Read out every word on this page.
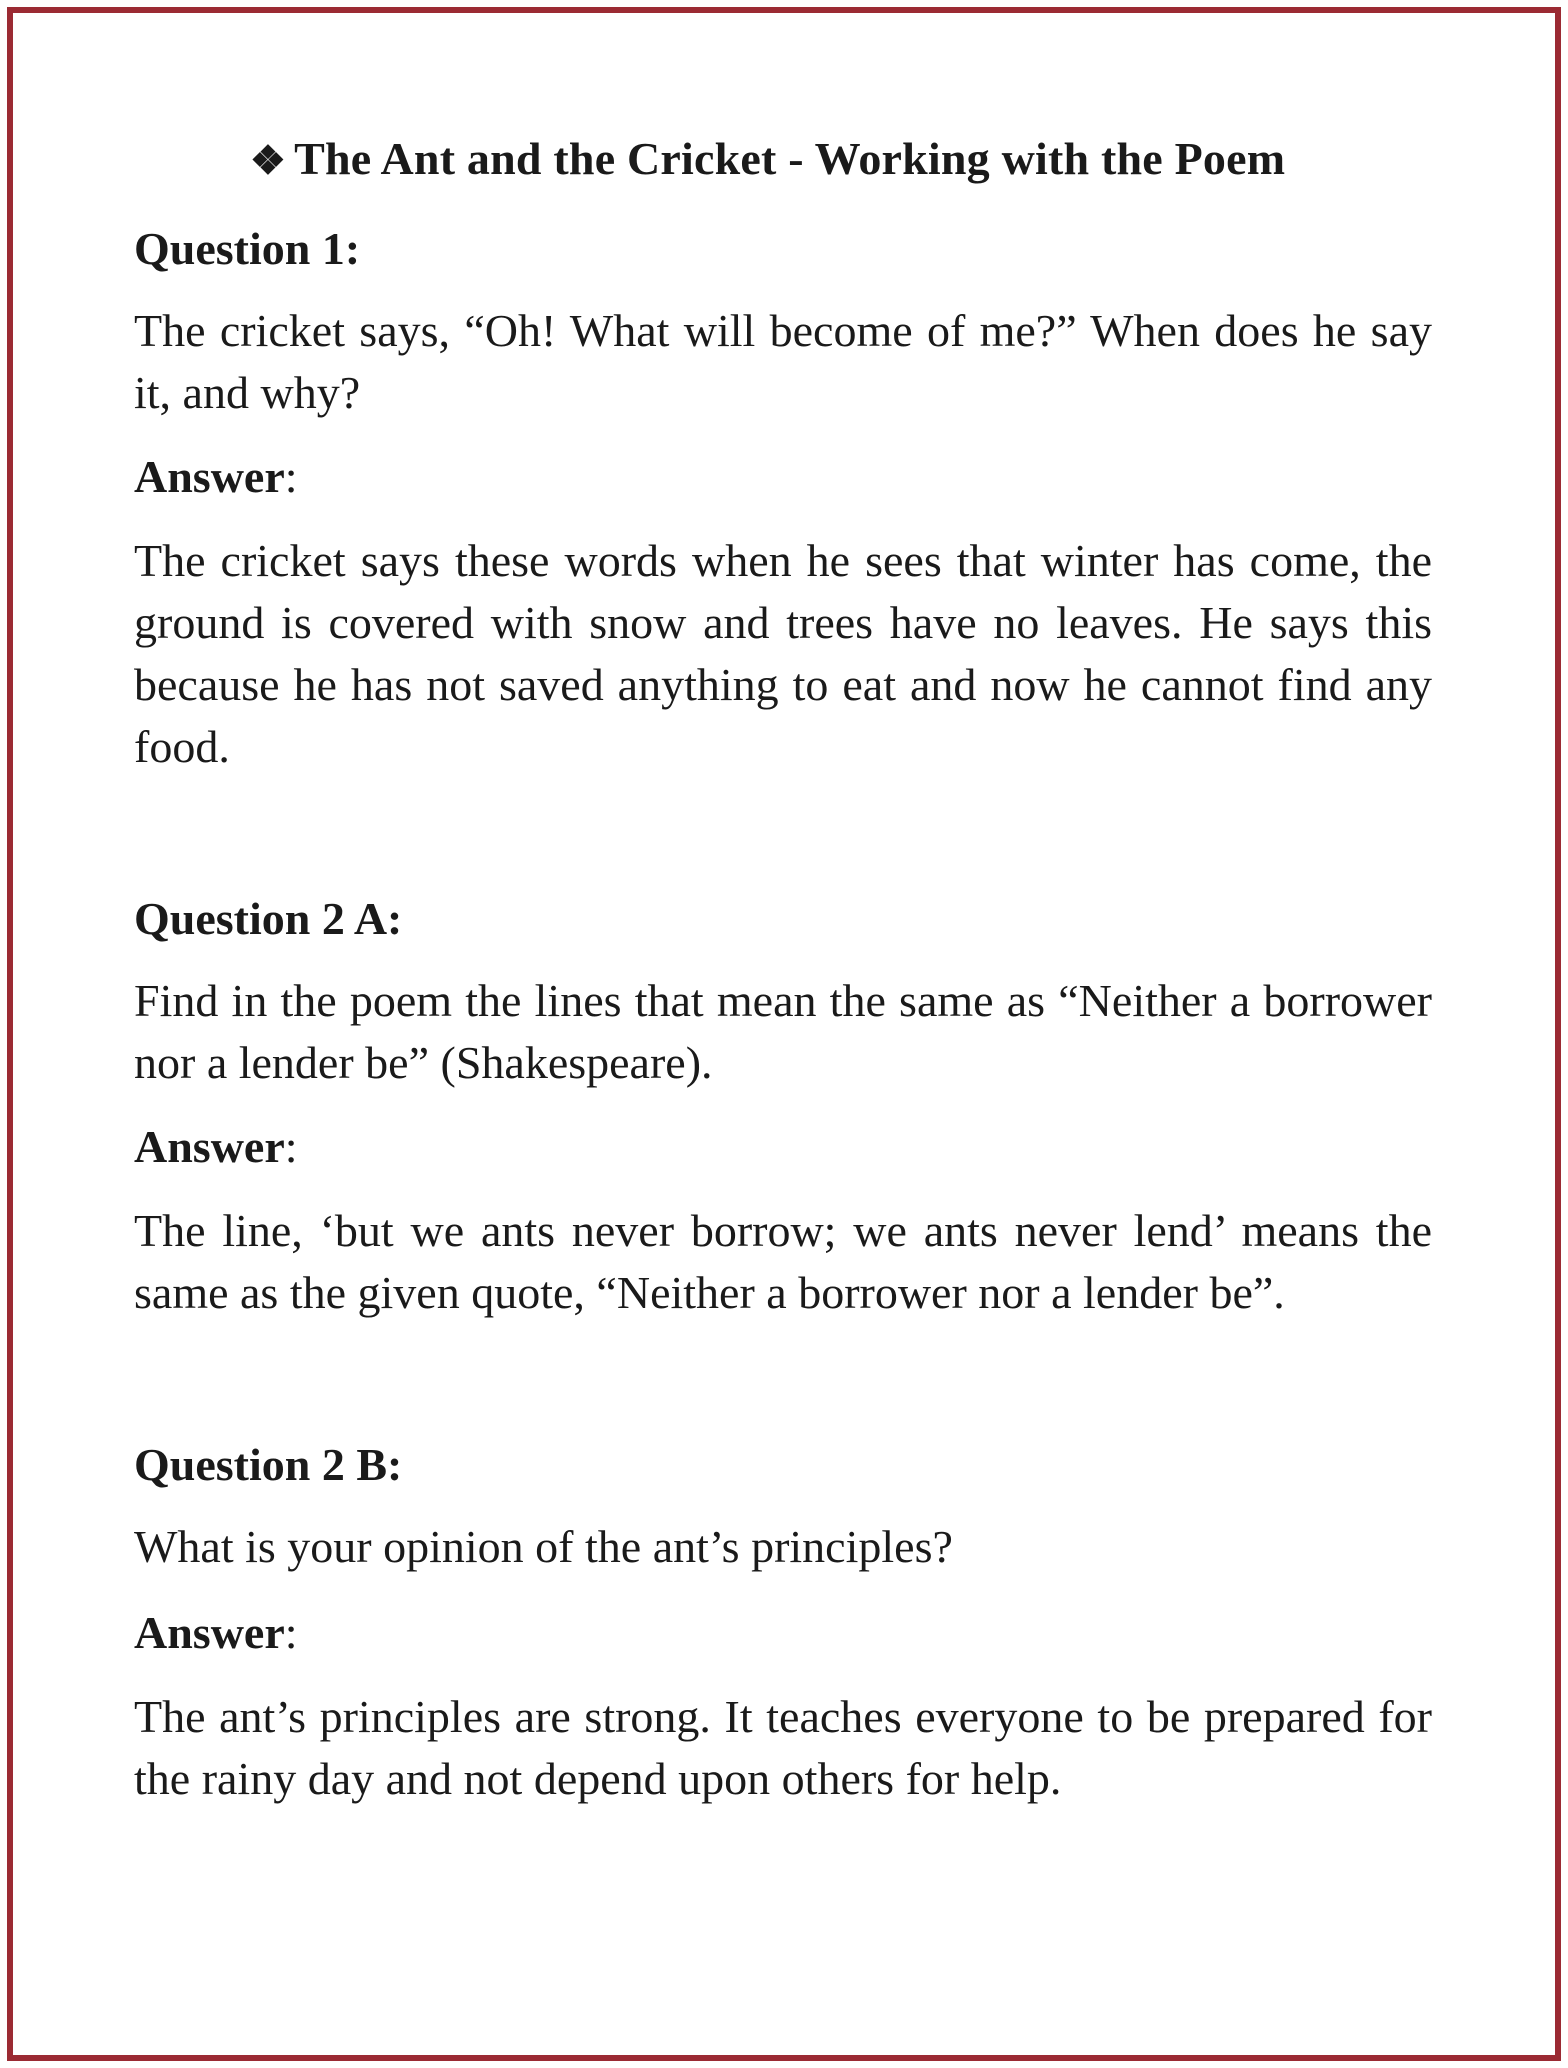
❖ The Ant and the Cricket - Working with the Poem
Question 1:
The cricket says, “Oh! What will become of me?” When does he say it, and why?
Answer:
The cricket says these words when he sees that winter has come, the ground is covered with snow and trees have no leaves. He says this because he has not saved anything to eat and now he cannot find any food.
Question 2 A:
Find in the poem the lines that mean the same as “Neither a borrower nor a lender be” (Shakespeare).
Answer:
The line, ‘but we ants never borrow; we ants never lend’ means the same as the given quote, “Neither a borrower nor a lender be”.
Question 2 B:
What is your opinion of the ant’s principles?
Answer:
The ant’s principles are strong. It teaches everyone to be prepared for the rainy day and not depend upon others for help.
